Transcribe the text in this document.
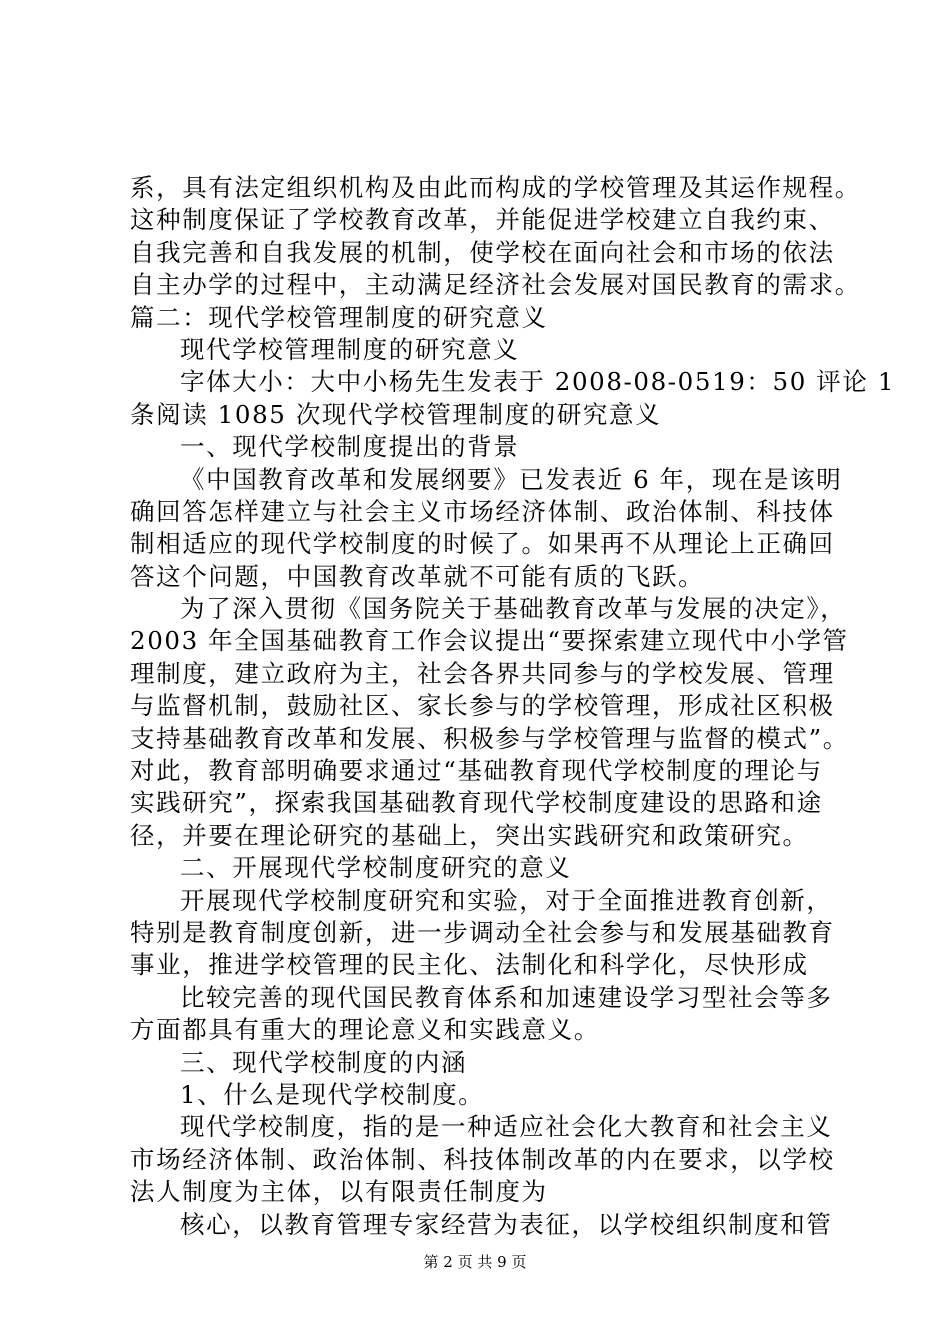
系，具有法定组织机构及由此而构成的学校管理及其运作规程。
这种制度保证了学校教育改革，并能促进学校建立自我约束、
自我完善和自我发展的机制，使学校在面向社会和市场的依法
自主办学的过程中，主动满足经济社会发展对国民教育的需求。
篇二：现代学校管理制度的研究意义
现代学校管理制度的研究意义
字体大小：大中小杨先生发表于 2008-08-0519：50 评论 1
条阅读 1085 次现代学校管理制度的研究意义
一、现代学校制度提出的背景
《中国教育改革和发展纲要》已发表近 6 年，现在是该明
确回答怎样建立与社会主义市场经济体制、政治体制、科技体
制相适应的现代学校制度的时候了。如果再不从理论上正确回
答这个问题，中国教育改革就不可能有质的飞跃。
为了深入贯彻《国务院关于基础教育改革与发展的决定》，
2003 年全国基础教育工作会议提出“要探索建立现代中小学管
理制度，建立政府为主，社会各界共同参与的学校发展、管理
与监督机制，鼓励社区、家长参与的学校管理，形成社区积极
支持基础教育改革和发展、积极参与学校管理与监督的模式”。
对此，教育部明确要求通过“基础教育现代学校制度的理论与
实践研究”，探索我国基础教育现代学校制度建设的思路和途
径，并要在理论研究的基础上，突出实践研究和政策研究。
二、开展现代学校制度研究的意义
开展现代学校制度研究和实验，对于全面推进教育创新，
特别是教育制度创新，进一步调动全社会参与和发展基础教育
事业，推进学校管理的民主化、法制化和科学化，尽快形成
比较完善的现代国民教育体系和加速建设学习型社会等多
方面都具有重大的理论意义和实践意义。
三、现代学校制度的内涵
1、什么是现代学校制度。
现代学校制度，指的是一种适应社会化大教育和社会主义
市场经济体制、政治体制、科技体制改革的内在要求，以学校
法人制度为主体，以有限责任制度为
核心，以教育管理专家经营为表征，以学校组织制度和管
第 2 页 共 9 页
